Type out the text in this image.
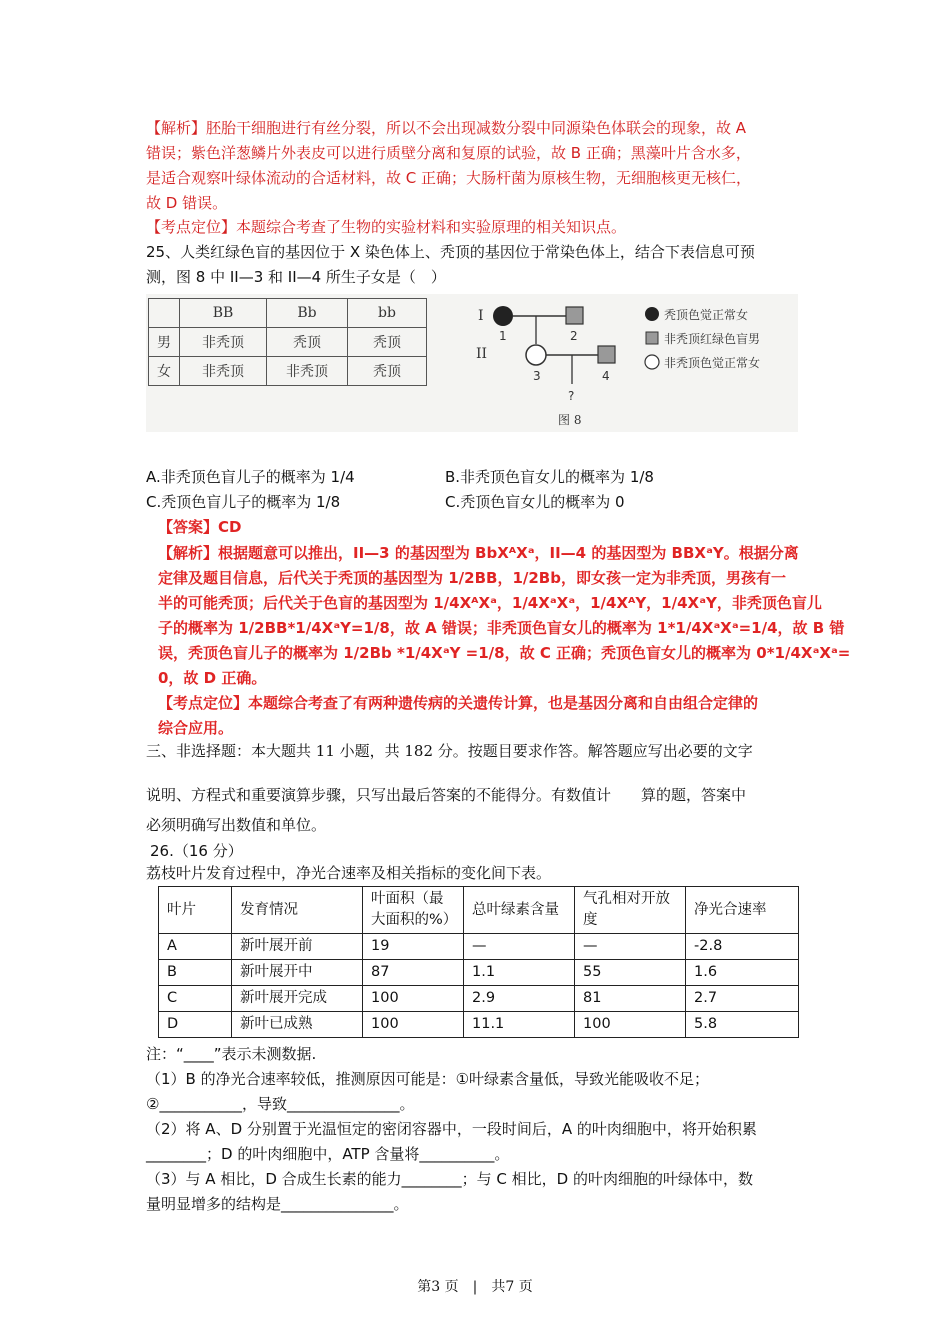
【解析】胚胎干细胞进行有丝分裂，所以不会出现减数分裂中同源染色体联会的现象，故 A
错误；紫色洋葱鳞片外表皮可以进行质壁分离和复原的试验，故 B 正确；黑藻叶片含水多，
是适合观察叶绿体流动的合适材料，故 C 正确；大肠杆菌为原核生物，无细胞核更无核仁，
故 D 错误。
【考点定位】本题综合考查了生物的实验材料和实验原理的相关知识点。
25、人类红绿色盲的基因位于 X 染色体上、秃顶的基因位于常染色体上，结合下表信息可预
测，图 8 中 II—3 和 II—4 所生子女是（　）
	BB	Bb	bb
男	非秃顶	秃顶	秃顶
女	非秃顶	非秃顶	秃顶
I
II
1	2
3	4
?
图 8
秃顶色觉正常女
非秃顶红绿色盲男
非秃顶色觉正常女
A.非秃顶色盲儿子的概率为 1/4	B.非秃顶色盲女儿的概率为 1/8
C.秃顶色盲儿子的概率为 1/8	C.秃顶色盲女儿的概率为 0
【答案】CD
【解析】根据题意可以推出，II—3 的基因型为 BbXᴬXᵃ，II—4 的基因型为 BBXᵃY。根据分离
定律及题目信息，后代关于秃顶的基因型为 1/2BB，1/2Bb，即女孩一定为非秃顶，男孩有一
半的可能秃顶；后代关于色盲的基因型为 1/4XᴬXᵃ，1/4XᵃXᵃ，1/4XᴬY，1/4XᵃY，非秃顶色盲儿
子的概率为 1/2BB*1/4XᵃY=1/8，故 A 错误；非秃顶色盲女儿的概率为 1*1/4XᵃXᵃ=1/4，故 B 错
误，秃顶色盲儿子的概率为 1/2Bb *1/4XᵃY =1/8，故 C 正确；秃顶色盲女儿的概率为 0*1/4XᵃXᵃ=
0，故 D 正确。
【考点定位】本题综合考查了有两种遗传病的关遗传计算，也是基因分离和自由组合定律的
综合应用。
三、非选择题：本大题共 11 小题，共 182 分。按题目要求作答。解答题应写出必要的文字
说明、方程式和重要演算步骤，只写出最后答案的不能得分。有数值计　　算的题，答案中
必须明确写出数值和单位。
26.（16 分）
荔枝叶片发育过程中，净光合速率及相关指标的变化间下表。
叶片	发育情况	叶面积（最大面积的%）	总叶绿素含量	气孔相对开放度	净光合速率
A	新叶展开前	19	—	—	-2.8
B	新叶展开中	87	1.1	55	1.6
C	新叶展开完成	100	2.9	81	2.7
D	新叶已成熟	100	11.1	100	5.8
注：“____”表示未测数据.
（1）B 的净光合速率较低，推测原因可能是：①叶绿素含量低，导致光能吸收不足；
②___________，导致_______________。
（2）将 A、D 分别置于光温恒定的密闭容器中，一段时间后，A 的叶肉细胞中，将开始积累
________；D 的叶肉细胞中，ATP 含量将__________。
（3）与 A 相比，D 合成生长素的能力________；与 C 相比，D 的叶肉细胞的叶绿体中，数
量明显增多的结构是_______________。
第3 页　|　共7 页
